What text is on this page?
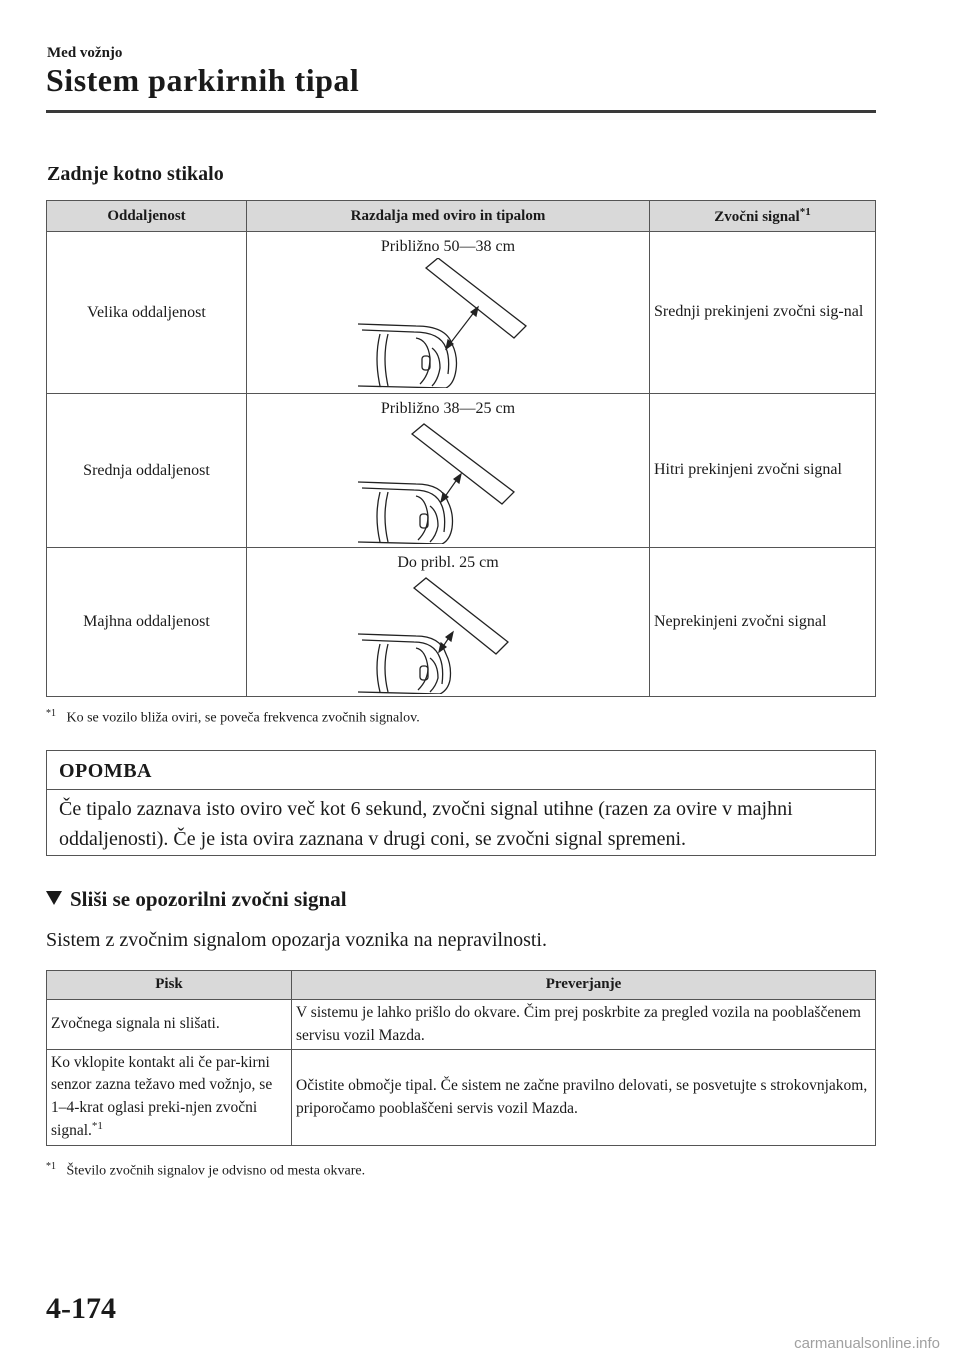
Med vožnjo
Sistem parkirnih tipal
Zadnje kotno stikalo
Oddaljenost	Razdalja med oviro in tipalom	Zvočni signal$^{*1}$
Velika oddaljenost	Približno 50—38 cm	Srednji prekinjeni zvočni sig-nal
Srednja oddaljenost	Približno 38—25 cm	Hitri prekinjeni zvočni signal
Majhna oddaljenost	Do pribl. 25 cm	Neprekinjeni zvočni signal
$^{*1}$ Ko se vozilo bliža oviri, se poveča frekvenca zvočnih signalov.
OPOMBA
Če tipalo zaznava isto oviro več kot 6 sekund, zvočni signal utihne (razen za ovire v majhni oddaljenosti). Če je ista ovira zaznana v drugi coni, se zvočni signal spremeni.
Sliši se opozorilni zvočni signal
Sistem z zvočnim signalom opozarja voznika na nepravilnosti.
Pisk	Preverjanje
Zvočnega signala ni slišati.	V sistemu je lahko prišlo do okvare. Čim prej poskrbite za pregled vozila na pooblaščenem servisu vozil Mazda.
Ko vklopite kontakt ali če par-kirni senzor zazna težavo med vožnjo, se 1–4-krat oglasi preki-njen zvočni signal.$^{*1}$	Očistite območje tipal. Če sistem ne začne pravilno delovati, se posvetujte s strokovnjakom, priporočamo pooblaščeni servis vozil Mazda.
$^{*1}$ Število zvočnih signalov je odvisno od mesta okvare.
4-174
carmanualsonline.info
